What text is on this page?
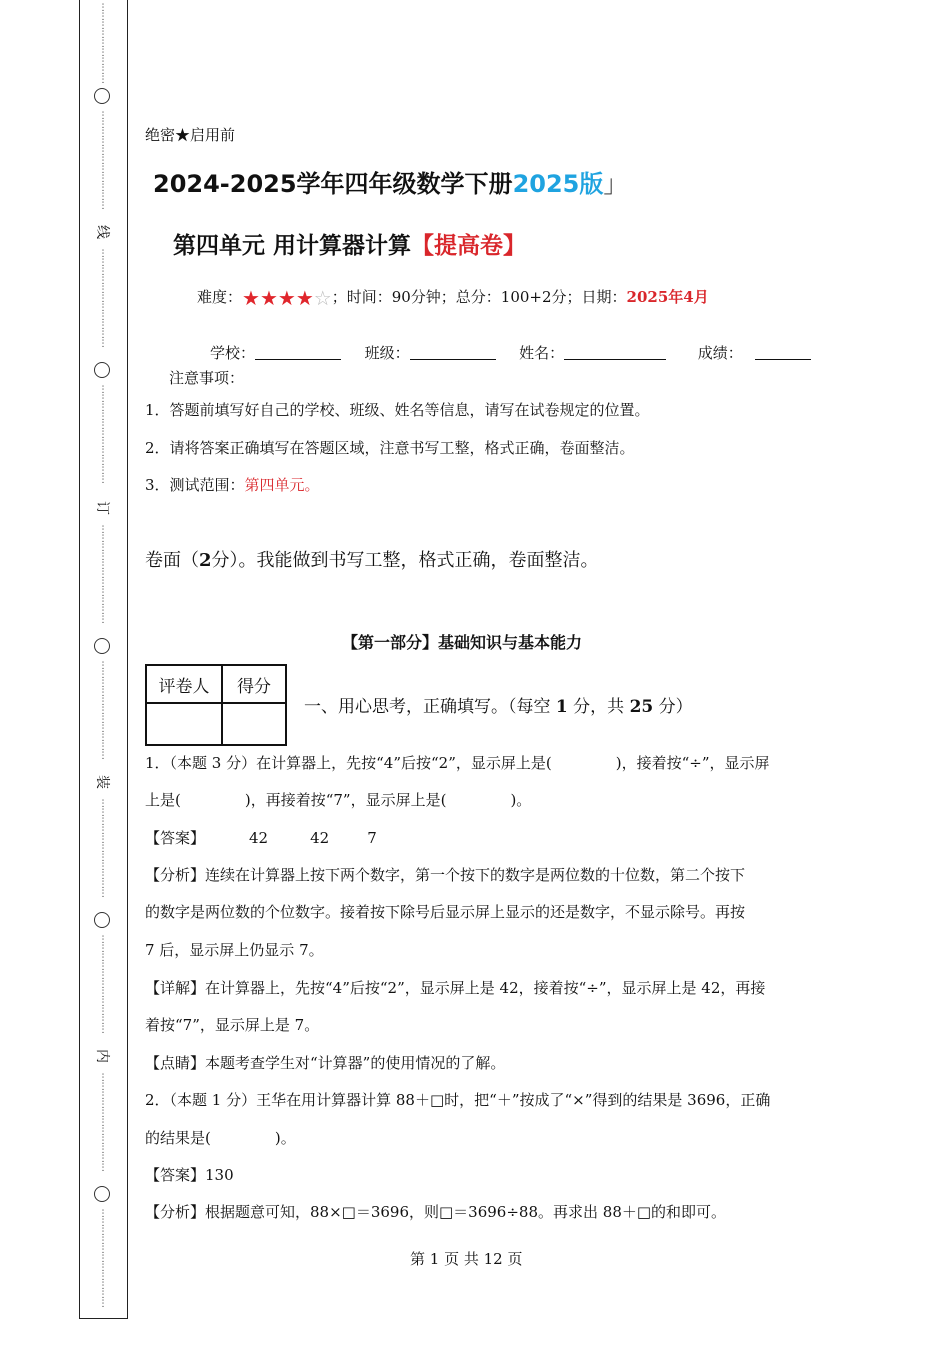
⋮
⋮
⋮
⋮
⋮
⋮
⋮
⋮
⋮
⋮
⋮
⋮
⋮
⋮
⋮
⋮
⋮
⋮
⋮
⋮
线
⋮
⋮
⋮
⋮
⋮
⋮
⋮
⋮
⋮
⋮
⋮
⋮
⋮
⋮
⋮
⋮
⋮
⋮
⋮
⋮
⋮
⋮
订
⋮
⋮
⋮
⋮
⋮
⋮
⋮
⋮
⋮
⋮
⋮
⋮
⋮
⋮
⋮
⋮
⋮
⋮
⋮
⋮
⋮
⋮
装
⋮
⋮
⋮
⋮
⋮
⋮
⋮
⋮
⋮
⋮
⋮
⋮
⋮
⋮
⋮
⋮
⋮
⋮
⋮
⋮
⋮
⋮
内
⋮
⋮
⋮
⋮
⋮
⋮
⋮
⋮
⋮
⋮
⋮
⋮
⋮
⋮
⋮
⋮
⋮
⋮
⋮
⋮
⋮
⋮
绝密★启用前
2024-2025学年四年级数学下册2025版」
第四单元 用计算器计算【提高卷】
难度：★★★★☆；时间：90分钟；总分：100+2分；日期：2025年4月
学校：	班级：	姓名：	成绩：
注意事项：
1．答题前填写好自己的学校、班级、姓名等信息，请写在试卷规定的位置。
2．请将答案正确填写在答题区域，注意书写工整，格式正确，卷面整洁。
3．测试范围：第四单元。
卷面（2分）。我能做到书写工整，格式正确，卷面整洁。
【第一部分】基础知识与基本能力
评卷人	得分

一、用心思考，正确填写。（每空 1 分，共 25 分）
1．（本题 3 分）在计算器上，先按“4”后按“2”，显示屏上是(	)，接着按“÷”，显示屏
上是(	)，再接着按“7”，显示屏上是(	)。
【答案】	42	42	7
【分析】连续在计算器上按下两个数字，第一个按下的数字是两位数的十位数，第二个按下
的数字是两位数的个位数字。接着按下除号后显示屏上显示的还是数字，不显示除号。再按
7 后，显示屏上仍显示 7。
【详解】在计算器上，先按“4”后按“2”，显示屏上是 42，接着按“÷”，显示屏上是 42，再接
着按“7”，显示屏上是 7。
【点睛】本题考查学生对“计算器”的使用情况的了解。
2．（本题 1 分）王华在用计算器计算 88＋□时，把“＋”按成了“×”得到的结果是 3696，正确
的结果是(	)。
【答案】130
【分析】根据题意可知，88×□＝3696，则□＝3696÷88。再求出 88＋□的和即可。
第 1 页 共 12 页
